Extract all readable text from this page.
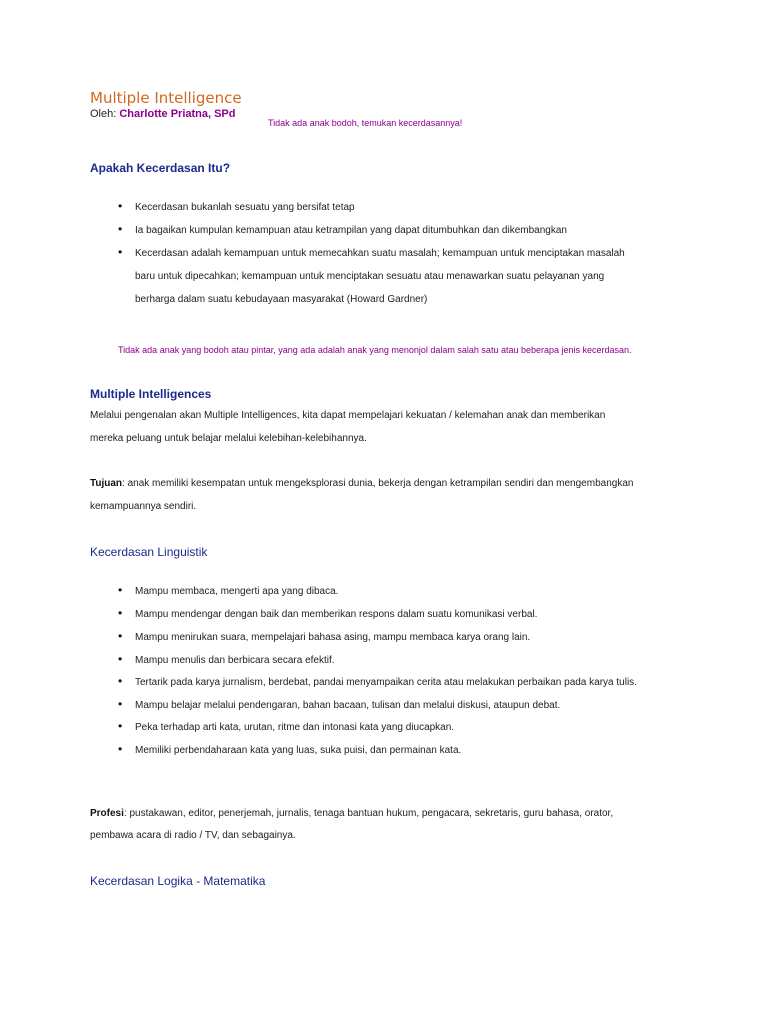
Multiple Intelligence
Oleh: Charlotte Priatna, SPd
Tidak ada anak bodoh, temukan kecerdasannya!
Apakah Kecerdasan Itu?
• Kecerdasan bukanlah sesuatu yang bersifat tetap
• Ia bagaikan kumpulan kemampuan atau ketrampilan yang dapat ditumbuhkan dan dikembangkan
• Kecerdasan adalah kemampuan untuk memecahkan suatu masalah; kemampuan untuk menciptakan masalah
baru untuk dipecahkan; kemampuan untuk menciptakan sesuatu atau menawarkan suatu pelayanan yang
berharga dalam suatu kebudayaan masyarakat (Howard Gardner)
Tidak ada anak yang bodoh atau pintar, yang ada adalah anak yang menonjol dalam salah satu atau beberapa jenis kecerdasan.
Multiple Intelligences
Melalui pengenalan akan Multiple Intelligences, kita dapat mempelajari kekuatan / kelemahan anak dan memberikan
mereka peluang untuk belajar melalui kelebihan-kelebihannya.
Tujuan: anak memiliki kesempatan untuk mengeksplorasi dunia, bekerja dengan ketrampilan sendiri dan mengembangkan
kemampuannya sendiri.
Kecerdasan Linguistik
• Mampu membaca, mengerti apa yang dibaca.
• Mampu mendengar dengan baik dan memberikan respons dalam suatu komunikasi verbal.
• Mampu menirukan suara, mempelajari bahasa asing, mampu membaca karya orang lain.
• Mampu menulis dan berbicara secara efektif.
• Tertarik pada karya jurnalism, berdebat, pandai menyampaikan cerita atau melakukan perbaikan pada karya tulis.
• Mampu belajar melalui pendengaran, bahan bacaan, tulisan dan melalui diskusi, ataupun debat.
• Peka terhadap arti kata, urutan, ritme dan intonasi kata yang diucapkan.
• Memiliki perbendaharaan kata yang luas, suka puisi, dan permainan kata.
Profesi: pustakawan, editor, penerjemah, jurnalis, tenaga bantuan hukum, pengacara, sekretaris, guru bahasa, orator,
pembawa acara di radio / TV, dan sebagainya.
Kecerdasan Logika - Matematika
